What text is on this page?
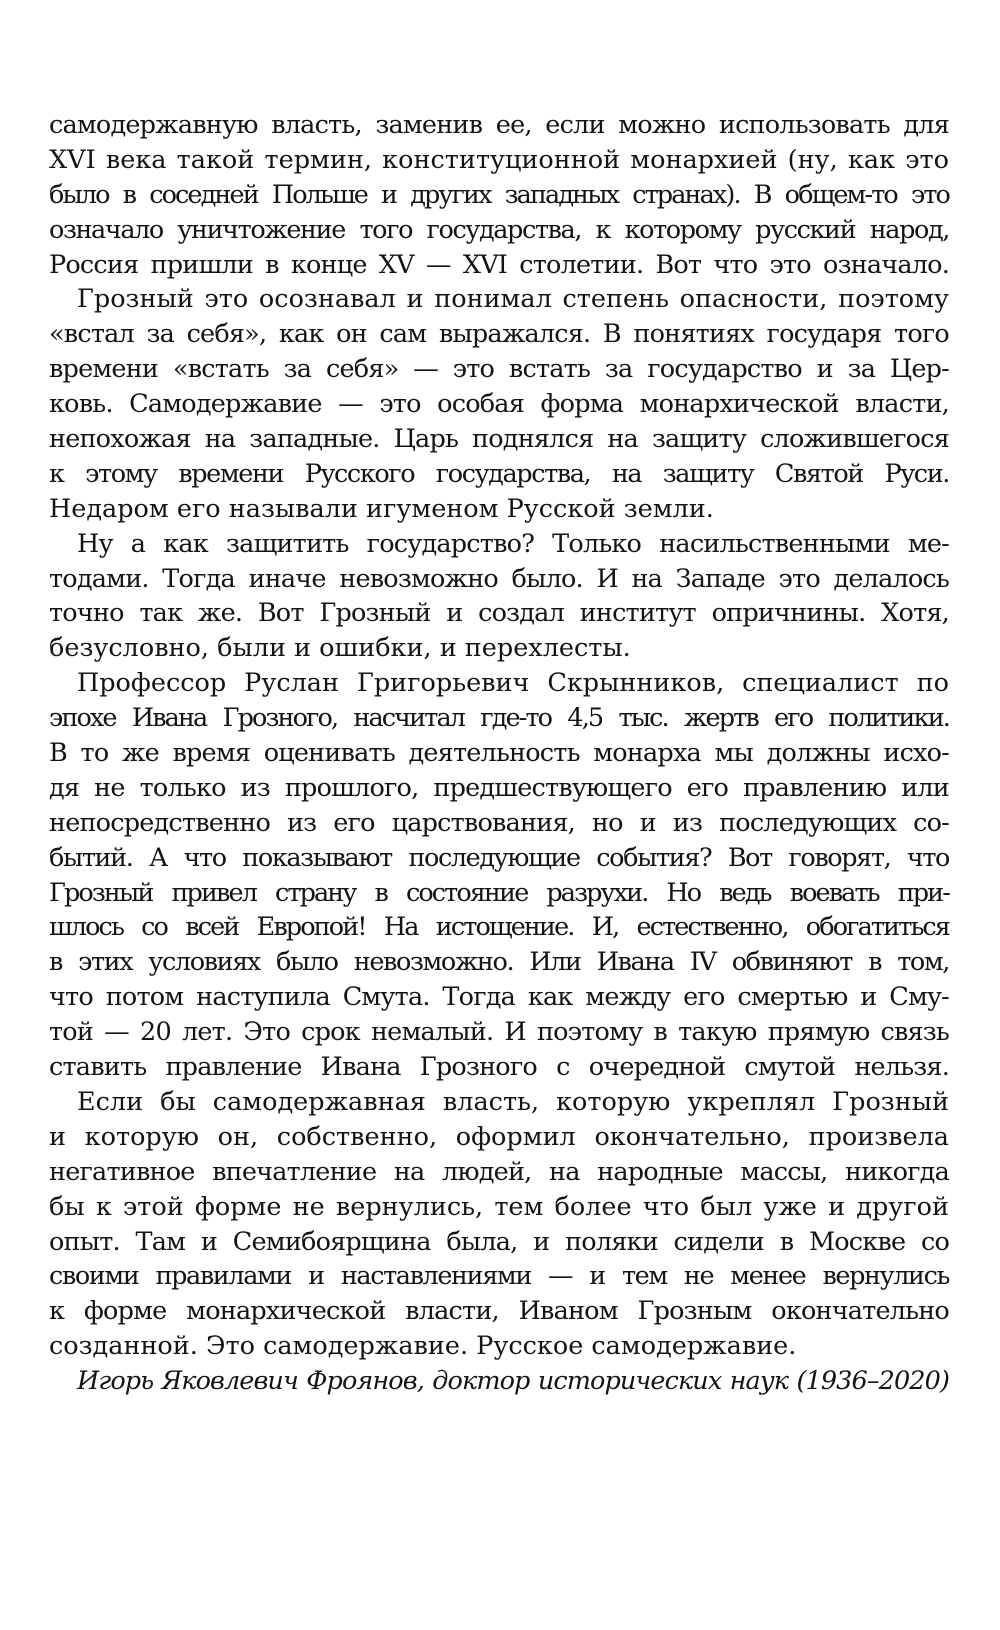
самодержавную власть, заменив ее, если можно использовать для
XVI века такой термин, конституционной монархией (ну, как это
было в соседней Польше и других западных странах). В общем-то это
означало уничтожение того государства, к которому русский народ,
Россия пришли в конце XV — XVI столетии. Вот что это означало.
Грозный это осознавал и понимал степень опасности, поэтому
«встал за себя», как он сам выражался. В понятиях государя того
времени «встать за себя» — это встать за государство и за Цер-
ковь. Самодержавие — это особая форма монархической власти,
непохожая на западные. Царь поднялся на защиту сложившегося
к этому времени Русского государства, на защиту Святой Руси.
Недаром его называли игуменом Русской земли.
Ну а как защитить государство? Только насильственными ме-
тодами. Тогда иначе невозможно было. И на Западе это делалось
точно так же. Вот Грозный и создал институт опричнины. Хотя,
безусловно, были и ошибки, и перехлесты.
Профессор Руслан Григорьевич Скрынников, специалист по
эпохе Ивана Грозного, насчитал где-то 4,5 тыс. жертв его политики.
В то же время оценивать деятельность монарха мы должны исхо-
дя не только из прошлого, предшествующего его правлению или
непосредственно из его царствования, но и из последующих со-
бытий. А что показывают последующие события? Вот говорят, что
Грозный привел страну в состояние разрухи. Но ведь воевать при-
шлось со всей Европой! На истощение. И, естественно, обогатиться
в этих условиях было невозможно. Или Ивана IV обвиняют в том,
что потом наступила Смута. Тогда как между его смертью и Сму-
той — 20 лет. Это срок немалый. И поэтому в такую прямую связь
ставить правление Ивана Грозного с очередной смутой нельзя.
Если бы самодержавная власть, которую укреплял Грозный
и которую он, собственно, оформил окончательно, произвела
негативное впечатление на людей, на народные массы, никогда
бы к этой форме не вернулись, тем более что был уже и другой
опыт. Там и Семибоярщина была, и поляки сидели в Москве со
своими правилами и наставлениями — и тем не менее вернулись
к форме монархической власти, Иваном Грозным окончательно
созданной. Это самодержавие. Русское самодержавие.
Игорь Яковлевич Фроянов, доктор исторических наук (1936–2020)
